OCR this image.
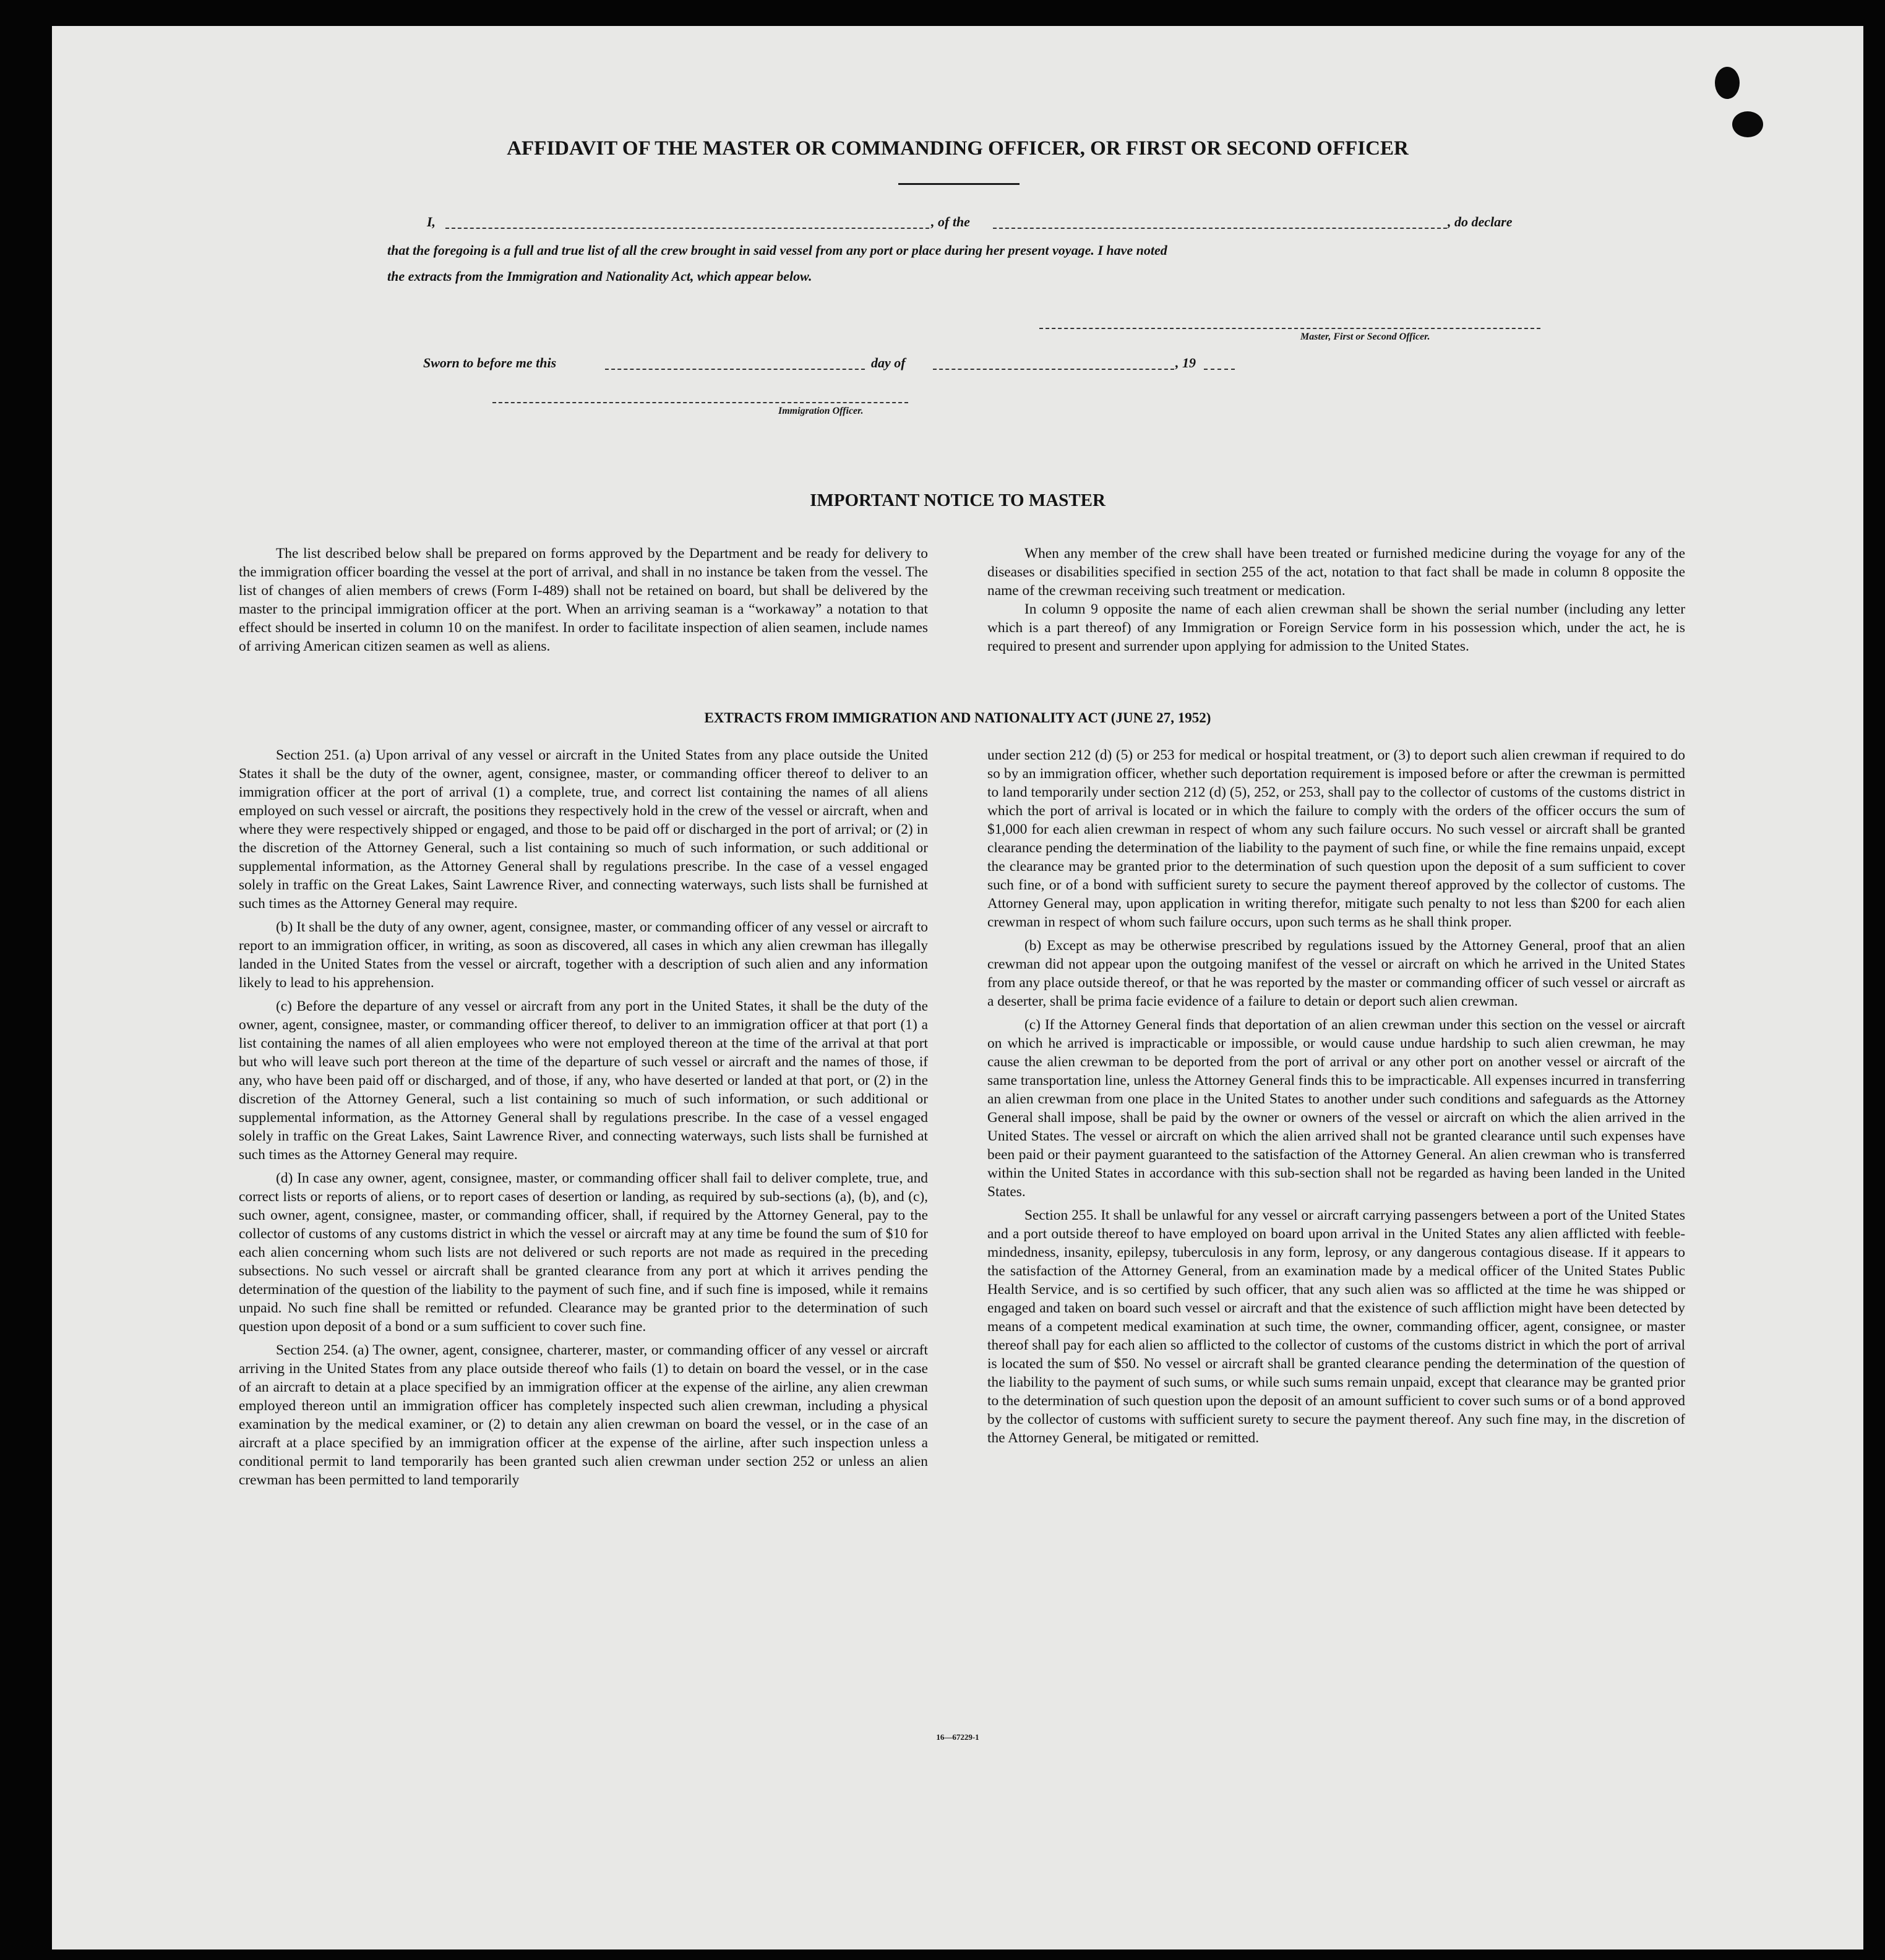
AFFIDAVIT OF THE MASTER OR COMMANDING OFFICER, OR FIRST OR SECOND OFFICER
I,	, of the	, do declare

that the foregoing is a full and true list of all the crew brought in said vessel from any port or place during her present voyage. I have noted

the extracts from the Immigration and Nationality Act, which appear below.

Master, First or Second Officer.
Sworn to before me this	day of	, 19
Immigration Officer.
IMPORTANT NOTICE TO MASTER

The list described below shall be prepared on forms approved by the Department and be ready for delivery to the immigration officer boarding the vessel at the port of arrival, and shall in no instance be taken from the vessel. The list of changes of alien members of crews (Form I-489) shall not be retained on board, but shall be delivered by the master to the principal immigration officer at the port. When an arriving seaman is a “workaway” a notation to that effect should be inserted in column 10 on the manifest. In order to facilitate inspection of alien seamen, include names of arriving American citizen seamen as well as aliens.

When any member of the crew shall have been treated or furnished medicine during the voyage for any of the diseases or disabilities specified in section 255 of the act, notation to that fact shall be made in column 8 opposite the name of the crewman receiving such treatment or medication.

In column 9 opposite the name of each alien crewman shall be shown the serial number (including any letter which is a part thereof) of any Immigration or Foreign Service form in his possession which, under the act, he is required to present and surrender upon applying for admission to the United States.

EXTRACTS FROM IMMIGRATION AND NATIONALITY ACT (JUNE 27, 1952)

Section 251. (a) Upon arrival of any vessel or aircraft in the United States from any place outside the United States it shall be the duty of the owner, agent, consignee, master, or commanding officer thereof to deliver to an immigration officer at the port of arrival (1) a complete, true, and correct list containing the names of all aliens employed on such vessel or aircraft, the positions they respectively hold in the crew of the vessel or aircraft, when and where they were respectively shipped or engaged, and those to be paid off or discharged in the port of arrival; or (2) in the discretion of the Attorney General, such a list containing so much of such information, or such additional or supplemental information, as the Attorney General shall by regulations prescribe. In the case of a vessel engaged solely in traffic on the Great Lakes, Saint Lawrence River, and connecting waterways, such lists shall be furnished at such times as the Attorney General may require.

(b) It shall be the duty of any owner, agent, consignee, master, or commanding officer of any vessel or aircraft to report to an immigration officer, in writing, as soon as discovered, all cases in which any alien crewman has illegally landed in the United States from the vessel or aircraft, together with a description of such alien and any information likely to lead to his apprehension.

(c) Before the departure of any vessel or aircraft from any port in the United States, it shall be the duty of the owner, agent, consignee, master, or commanding officer thereof, to deliver to an immigration officer at that port (1) a list containing the names of all alien employees who were not employed thereon at the time of the arrival at that port but who will leave such port thereon at the time of the departure of such vessel or aircraft and the names of those, if any, who have been paid off or discharged, and of those, if any, who have deserted or landed at that port, or (2) in the discretion of the Attorney General, such a list containing so much of such information, or such additional or supplemental information, as the Attorney General shall by regulations prescribe. In the case of a vessel engaged solely in traffic on the Great Lakes, Saint Lawrence River, and connecting waterways, such lists shall be furnished at such times as the Attorney General may require.

(d) In case any owner, agent, consignee, master, or commanding officer shall fail to deliver complete, true, and correct lists or reports of aliens, or to report cases of desertion or landing, as required by sub-sections (a), (b), and (c), such owner, agent, consignee, master, or commanding officer, shall, if required by the Attorney General, pay to the collector of customs of any customs district in which the vessel or aircraft may at any time be found the sum of $10 for each alien concerning whom such lists are not delivered or such reports are not made as required in the preceding subsections. No such vessel or aircraft shall be granted clearance from any port at which it arrives pending the determination of the question of the liability to the payment of such fine, and if such fine is imposed, while it remains unpaid. No such fine shall be remitted or refunded. Clearance may be granted prior to the determination of such question upon deposit of a bond or a sum sufficient to cover such fine.

Section 254. (a) The owner, agent, consignee, charterer, master, or commanding officer of any vessel or aircraft arriving in the United States from any place outside thereof who fails (1) to detain on board the vessel, or in the case of an aircraft to detain at a place specified by an immigration officer at the expense of the airline, any alien crewman employed thereon until an immigration officer has completely inspected such alien crewman, including a physical examination by the medical examiner, or (2) to detain any alien crewman on board the vessel, or in the case of an aircraft at a place specified by an immigration officer at the expense of the airline, after such inspection unless a conditional permit to land temporarily has been granted such alien crewman under section 252 or unless an alien crewman has been permitted to land temporarily

under section 212 (d) (5) or 253 for medical or hospital treatment, or (3) to deport such alien crewman if required to do so by an immigration officer, whether such deportation requirement is imposed before or after the crewman is permitted to land temporarily under section 212 (d) (5), 252, or 253, shall pay to the collector of customs of the customs district in which the port of arrival is located or in which the failure to comply with the orders of the officer occurs the sum of $1,000 for each alien crewman in respect of whom any such failure occurs. No such vessel or aircraft shall be granted clearance pending the determination of the liability to the payment of such fine, or while the fine remains unpaid, except the clearance may be granted prior to the determination of such question upon the deposit of a sum sufficient to cover such fine, or of a bond with sufficient surety to secure the payment thereof approved by the collector of customs. The Attorney General may, upon application in writing therefor, mitigate such penalty to not less than $200 for each alien crewman in respect of whom such failure occurs, upon such terms as he shall think proper.

(b) Except as may be otherwise prescribed by regulations issued by the Attorney General, proof that an alien crewman did not appear upon the outgoing manifest of the vessel or aircraft on which he arrived in the United States from any place outside thereof, or that he was reported by the master or commanding officer of such vessel or aircraft as a deserter, shall be prima facie evidence of a failure to detain or deport such alien crewman.

(c) If the Attorney General finds that deportation of an alien crewman under this section on the vessel or aircraft on which he arrived is impracticable or impossible, or would cause undue hardship to such alien crewman, he may cause the alien crewman to be deported from the port of arrival or any other port on another vessel or aircraft of the same transportation line, unless the Attorney General finds this to be impracticable. All expenses incurred in transferring an alien crewman from one place in the United States to another under such conditions and safeguards as the Attorney General shall impose, shall be paid by the owner or owners of the vessel or aircraft on which the alien arrived in the United States. The vessel or aircraft on which the alien arrived shall not be granted clearance until such expenses have been paid or their payment guaranteed to the satisfaction of the Attorney General. An alien crewman who is transferred within the United States in accordance with this sub-section shall not be regarded as having been landed in the United States.

Section 255. It shall be unlawful for any vessel or aircraft carrying passengers between a port of the United States and a port outside thereof to have employed on board upon arrival in the United States any alien afflicted with feeble-mindedness, insanity, epilepsy, tuberculosis in any form, leprosy, or any dangerous contagious disease. If it appears to the satisfaction of the Attorney General, from an examination made by a medical officer of the United States Public Health Service, and is so certified by such officer, that any such alien was so afflicted at the time he was shipped or engaged and taken on board such vessel or aircraft and that the existence of such affliction might have been detected by means of a competent medical examination at such time, the owner, commanding officer, agent, consignee, or master thereof shall pay for each alien so afflicted to the collector of customs of the customs district in which the port of arrival is located the sum of $50. No vessel or aircraft shall be granted clearance pending the determination of the question of the liability to the payment of such sums, or while such sums remain unpaid, except that clearance may be granted prior to the determination of such question upon the deposit of an amount sufficient to cover such sums or of a bond approved by the collector of customs with sufficient surety to secure the payment thereof. Any such fine may, in the discretion of the Attorney General, be mitigated or remitted.

16—67229-1
